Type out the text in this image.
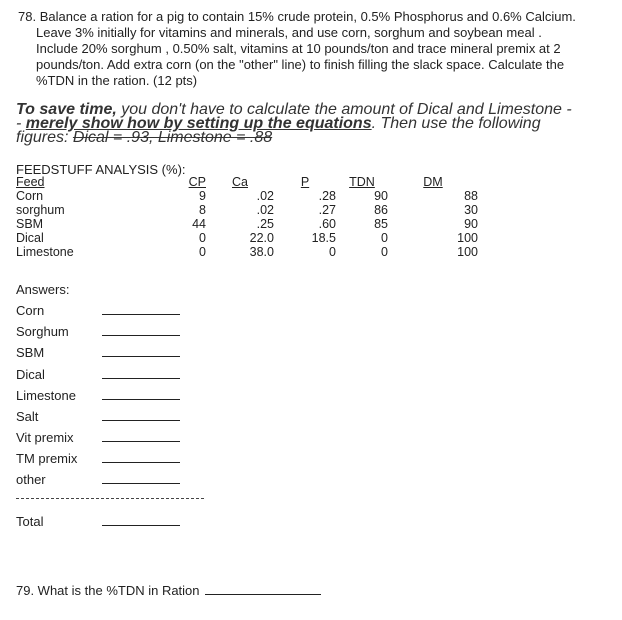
78. Balance a ration for a pig to contain 15% crude protein, 0.5% Phosphorus and 0.6% Calcium. Leave 3% initially for vitamins and minerals, and use corn, sorghum and soybean meal . Include 20% sorghum , 0.50% salt, vitamins at 10 pounds/ton and trace mineral premix at 2 pounds/ton. Add extra corn (on the "other" line) to finish filling the slack space. Calculate the %TDN in the ration. (12 pts)
To save time, you don't have to calculate the amount of Dical and Limestone - - merely show how by setting up the equations. Then use the following figures: Dical = .93, Limestone = .88
FEEDSTUFF ANALYSIS (%):
Feed	CP	Ca	P	TDN	DM
Corn	9	.02	.28	90	88
sorghum	8	.02	.27	86	30
SBM	44	.25	.60	85	90
Dical	0	22.0	18.5	0	100
Limestone	0	38.0	0	0	100
Answers:
Corn
Sorghum
SBM
Dical
Limestone
Salt
Vit premix
TM premix
other
Total
79. What is the %TDN in Ration
